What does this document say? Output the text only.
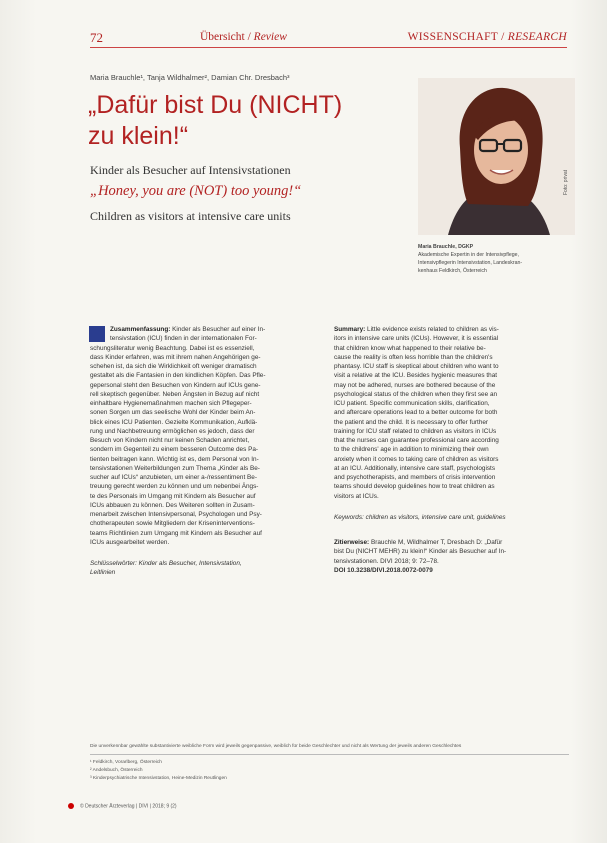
72	Übersicht / Review	WISSENSCHAFT / RESEARCH
Maria Brauchle¹, Tanja Wildhalmer², Damian Chr. Dresbach³
„Dafür bist Du (NICHT)
zu klein!“
Kinder als Besucher auf Intensivstationen
„Honey, you are (NOT) too young!“
Children as visitors at intensive care units
Foto: privat
Maria Brauchle, DGKP
Akademische Expertin in der Intensivpflege,
Intensivpflegerin Intensivstation, Landeskran-
kenhaus Feldkirch, Österreich
Zusammenfassung: Kinder als Besucher auf einer In-
tensivstation (ICU) finden in der internationalen For-
schungsliteratur wenig Beachtung. Dabei ist es essenziell,
dass Kinder erfahren, was mit ihrem nahen Angehörigen ge-
schehen ist, da sich die Wirklichkeit oft weniger dramatisch
gestaltet als die Fantasien in den kindlichen Köpfen. Das Pfle-
gepersonal steht den Besuchen von Kindern auf ICUs gene-
rell skeptisch gegenüber. Neben Ängsten in Bezug auf nicht
einhaltbare Hygienemaßnahmen machen sich Pflegeper-
sonen Sorgen um das seelische Wohl der Kinder beim An-
blick eines ICU Patienten. Gezielte Kommunikation, Aufklä-
rung und Nachbetreuung ermöglichen es jedoch, dass der
Besuch von Kindern nicht nur keinen Schaden anrichtet,
sondern im Gegenteil zu einem besseren Outcome des Pa-
tienten beitragen kann. Wichtig ist es, dem Personal von In-
tensivstationen Weiterbildungen zum Thema „Kinder als Be-
sucher auf ICUs“ anzubieten, um einer a-/ressentiment Be-
treuung gerecht werden zu können und um nebenbei Ängs-
te des Personals im Umgang mit Kindern als Besucher auf
ICUs abbauen zu können. Des Weiteren sollten in Zusam-
menarbeit zwischen Intensivpersonal, Psychologen und Psy-
chotherapeuten sowie Mitgliedern der Kriseninterventions-
teams Richtlinien zum Umgang mit Kindern als Besucher auf
ICUs ausgearbeitet werden.
Schlüsselwörter: Kinder als Besucher, Intensivstation,
Leitlinien
Summary: Little evidence exists related to children as vis-
itors in intensive care units (ICUs). However, it is essential
that children know what happened to their relative be-
cause the reality is often less horrible than the children's
phantasy. ICU staff is skeptical about children who want to
visit a relative at the ICU. Besides hygienic measures that
may not be adhered, nurses are bothered because of the
psychological status of the children when they first see an
ICU patient. Specific communication skills, clarification,
and aftercare operations lead to a better outcome for both
the patient and the child. It is necessary to offer further
training for ICU staff related to children as visitors in ICUs
that the nurses can guarantee professional care according
to the childrens' age in addition to minimizing their own
anxiety when it comes to taking care of children as visitors
at an ICU. Additionally, intensive care staff, psychologists
and psychotherapists, and members of crisis intervention
teams should develop guidelines how to treat children as
visitors at ICUs.
Keywords: children as visitors, intensive care unit, guidelines
Zitierweise: Brauchle M, Wildhalmer T, Dresbach D: „Dafür
bist Du (NICHT MEHR) zu klein!“ Kinder als Besucher auf In-
tensivstationen. DIVI 2018; 9: 72–78.
DOI 10.3238/DIVI.2018.0072-0079
Die unverkennbar gewählte substantivierte weibliche Form wird jeweils gegenpassive, weiblich für beide Geschlechter und nicht als Wertung der jeweils anderen Geschlechtes
¹ Feldkirch, Vorarlberg, Österreich
² Andelsbuch, Österreich
³ Kinderpsychiatrische Intensivstation, Heine-Medizin Reutlingen
© Deutscher Ärzteverlag | DIVI | 2018; 9 (2)
